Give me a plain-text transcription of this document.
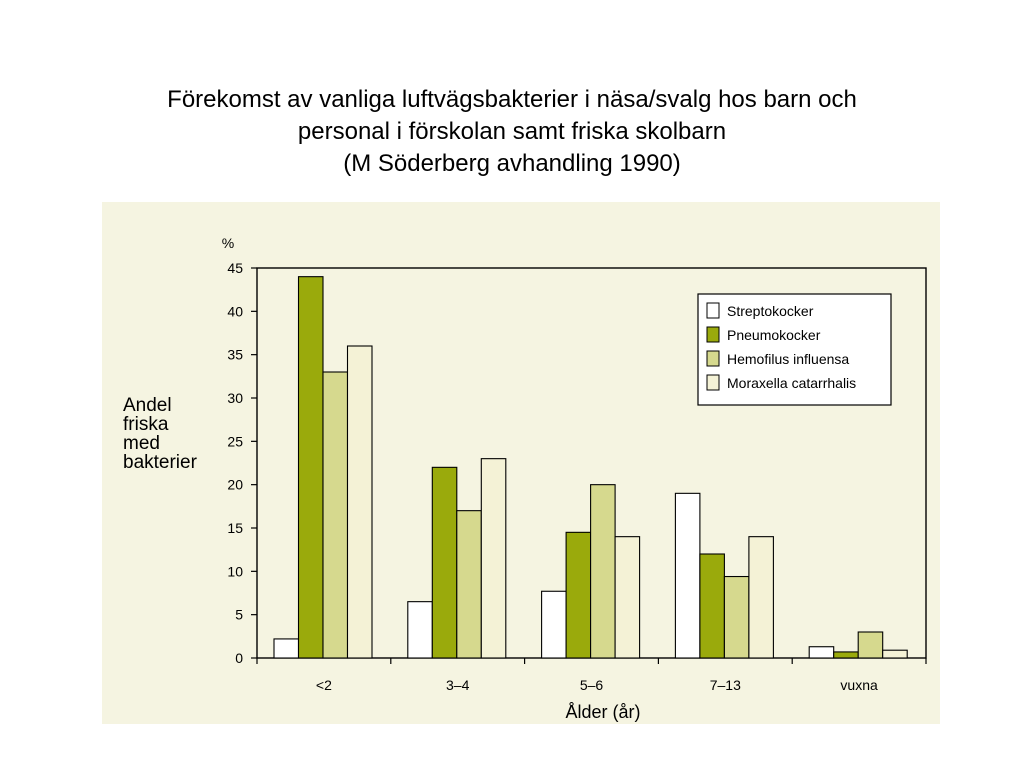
Förekomst av vanliga luftvägsbakterier i näsa/svalg hos barn och
personal i förskolan samt friska skolbarn
(M Söderberg avhandling 1990)
0
5
10
15
20
25
30
35
40
45
%
<2	3–4	5–6	7–13	vuxna
Ålder (år)
Streptokocker
Pneumokocker
Hemofilus influensa
Moraxella catarrhalis
Andel
friska
med
bakterier
